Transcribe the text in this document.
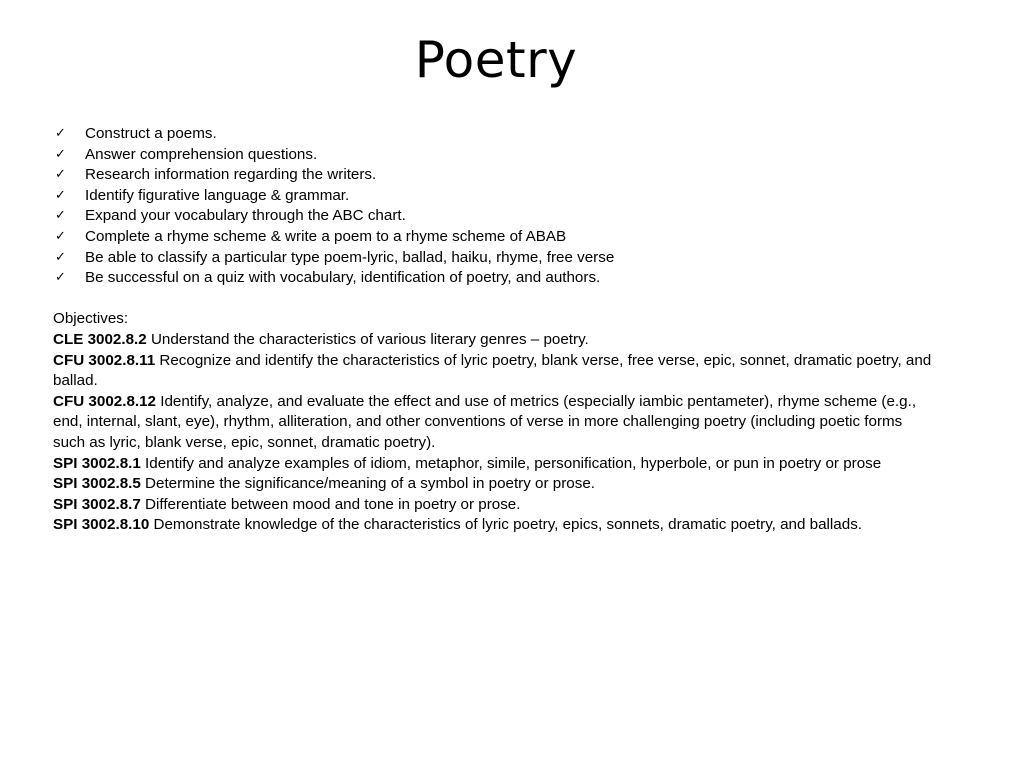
Poetry
✓ Construct a poems.
✓ Answer comprehension questions.
✓ Research information regarding the writers.
✓ Identify figurative language & grammar.
✓ Expand your vocabulary through the ABC chart.
✓ Complete a rhyme scheme & write a poem to a rhyme scheme of ABAB
✓ Be able to classify a particular type poem-lyric, ballad, haiku, rhyme, free verse
✓ Be successful on a quiz with vocabulary, identification of poetry, and authors.

Objectives:

CLE 3002.8.2 Understand the characteristics of various literary genres – poetry.

CFU 3002.8.11 Recognize and identify the characteristics of lyric poetry, blank verse, free verse, epic, sonnet, dramatic poetry, and ballad.

CFU 3002.8.12 Identify, analyze, and evaluate the effect and use of metrics (especially iambic pentameter), rhyme scheme (e.g., end, internal, slant, eye), rhythm, alliteration, and other conventions of verse in more challenging poetry (including poetic forms such as lyric, blank verse, epic, sonnet, dramatic poetry).

SPI 3002.8.1 Identify and analyze examples of idiom, metaphor, simile, personification, hyperbole, or pun in poetry or prose

SPI 3002.8.5 Determine the significance/meaning of a symbol in poetry or prose.

SPI 3002.8.7 Differentiate between mood and tone in poetry or prose.

SPI 3002.8.10 Demonstrate knowledge of the characteristics of lyric poetry, epics, sonnets, dramatic poetry, and ballads.
